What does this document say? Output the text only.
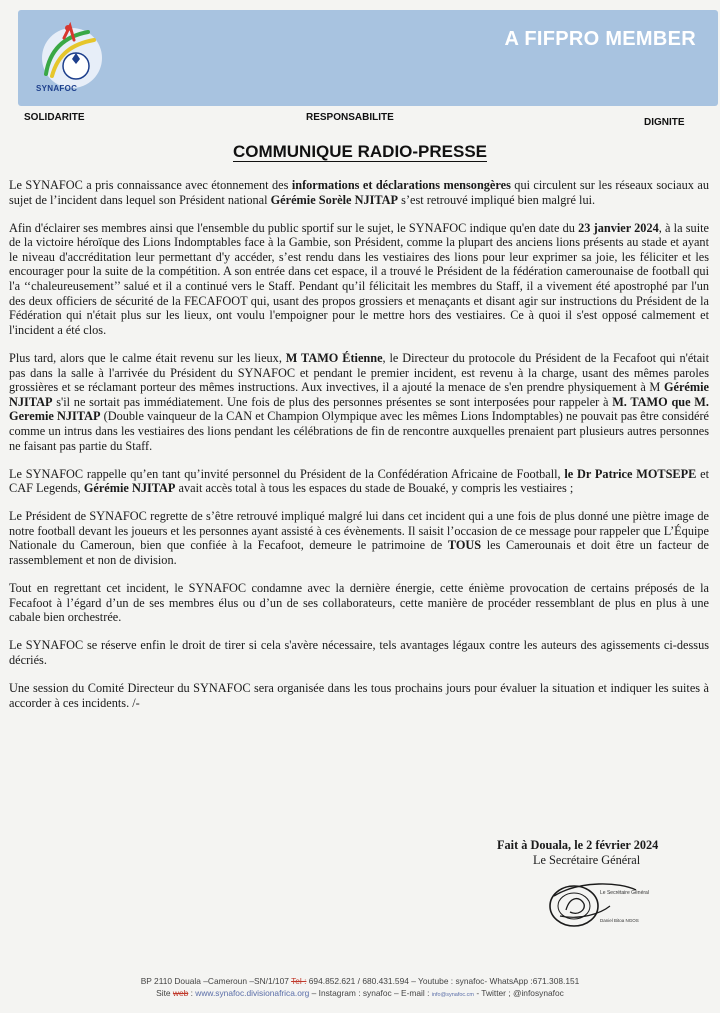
SYNAFOC
A FIFPRO MEMBER
SOLIDARITE	RESPONSABILITE	DIGNITE
COMMUNIQUE RADIO-PRESSE

Le SYNAFOC a pris connaissance avec étonnement des informations et déclarations mensongères qui circulent sur les réseaux sociaux au sujet de l’incident dans lequel son Président national Gérémie Sorèle NJITAP s’est retrouvé impliqué bien malgré lui.

Afin d'éclairer ses membres ainsi que l'ensemble du public sportif sur le sujet, le SYNAFOC indique qu'en date du 23 janvier 2024, à la suite de la victoire héroïque des Lions Indomptables face à la Gambie, son Président, comme la plupart des anciens lions présents au stade et ayant le niveau d'accréditation leur permettant d'y accéder, s’est rendu dans les vestiaires des lions pour leur exprimer sa joie, les féliciter et les encourager pour la suite de la compétition. A son entrée dans cet espace, il a trouvé le Président de la fédération camerounaise de football qui l'a ‘‘chaleureusement’’ salué et il a continué vers le Staff. Pendant qu’il félicitait les membres du Staff, il a vivement été apostrophé par l'un des deux officiers de sécurité de la FECAFOOT qui, usant des propos grossiers et menaçants et disant agir sur instructions du Président de la Fédération qui n'était plus sur les lieux, ont voulu l'empoigner pour le mettre hors des vestiaires. Ce à quoi il s'est opposé calmement et l'incident a été clos.

Plus tard, alors que le calme était revenu sur les lieux, M TAMO Étienne, le Directeur du protocole du Président de la Fecafoot qui n'était pas dans la salle à l'arrivée du Président du SYNAFOC et pendant le premier incident, est revenu à la charge, usant des mêmes paroles grossières et se réclamant porteur des mêmes instructions. Aux invectives, il a ajouté la menace de s'en prendre physiquement à M Gérémie NJITAP s'il ne sortait pas immédiatement. Une fois de plus des personnes présentes se sont interposées pour rappeler à M. TAMO que M. Geremie NJITAP (Double vainqueur de la CAN et Champion Olympique avec les mêmes Lions Indomptables) ne pouvait pas être considéré comme un intrus dans les vestiaires des lions pendant les célébrations de fin de rencontre auxquelles prenaient part plusieurs autres personnes ne faisant pas partie du Staff.

Le SYNAFOC rappelle qu’en tant qu’invité personnel du Président de la Confédération Africaine de Football, le Dr Patrice MOTSEPE et CAF Legends, Gérémie NJITAP avait accès total à tous les espaces du stade de Bouaké, y compris les vestiaires ;

Le Président de SYNAFOC regrette de s’être retrouvé impliqué malgré lui dans cet incident qui a une fois de plus donné une piètre image de notre football devant les joueurs et les personnes ayant assisté à ces évènements. Il saisit l’occasion de ce message pour rappeler que L’Équipe Nationale du Cameroun, bien que confiée à la Fecafoot, demeure le patrimoine de TOUS les Camerounais et doit être un facteur de rassemblement et non de division.

Tout en regrettant cet incident, le SYNAFOC condamne avec la dernière énergie, cette énième provocation de certains préposés de la Fecafoot à l’égard d’un de ses membres élus ou d’un de ses collaborateurs, cette manière de procéder ressemblant de plus en plus à une cabale bien orchestrée.

Le SYNAFOC se réserve enfin le droit de tirer si cela s'avère nécessaire, tels avantages légaux contre les auteurs des agissements ci-dessus décriés.

Une session du Comité Directeur du SYNAFOC sera organisée dans les tous prochains jours pour évaluer la situation et indiquer les suites à accorder à ces incidents. /-

Fait à Douala, le 2 février 2024
Le Secrétaire Général
Le Secrétaire Général
Daniel Bitoa NGOS
BP 2110 Douala –Cameroun –SN/1/107 Tel : 694.852.621 / 680.431.594 – Youtube : synafoc- WhatsApp :671.308.151
Site web : www.synafoc.divisionafrica.org – Instagram : synafoc – E-mail : info@synafoc.cm - Twitter ; @infosynafoc
